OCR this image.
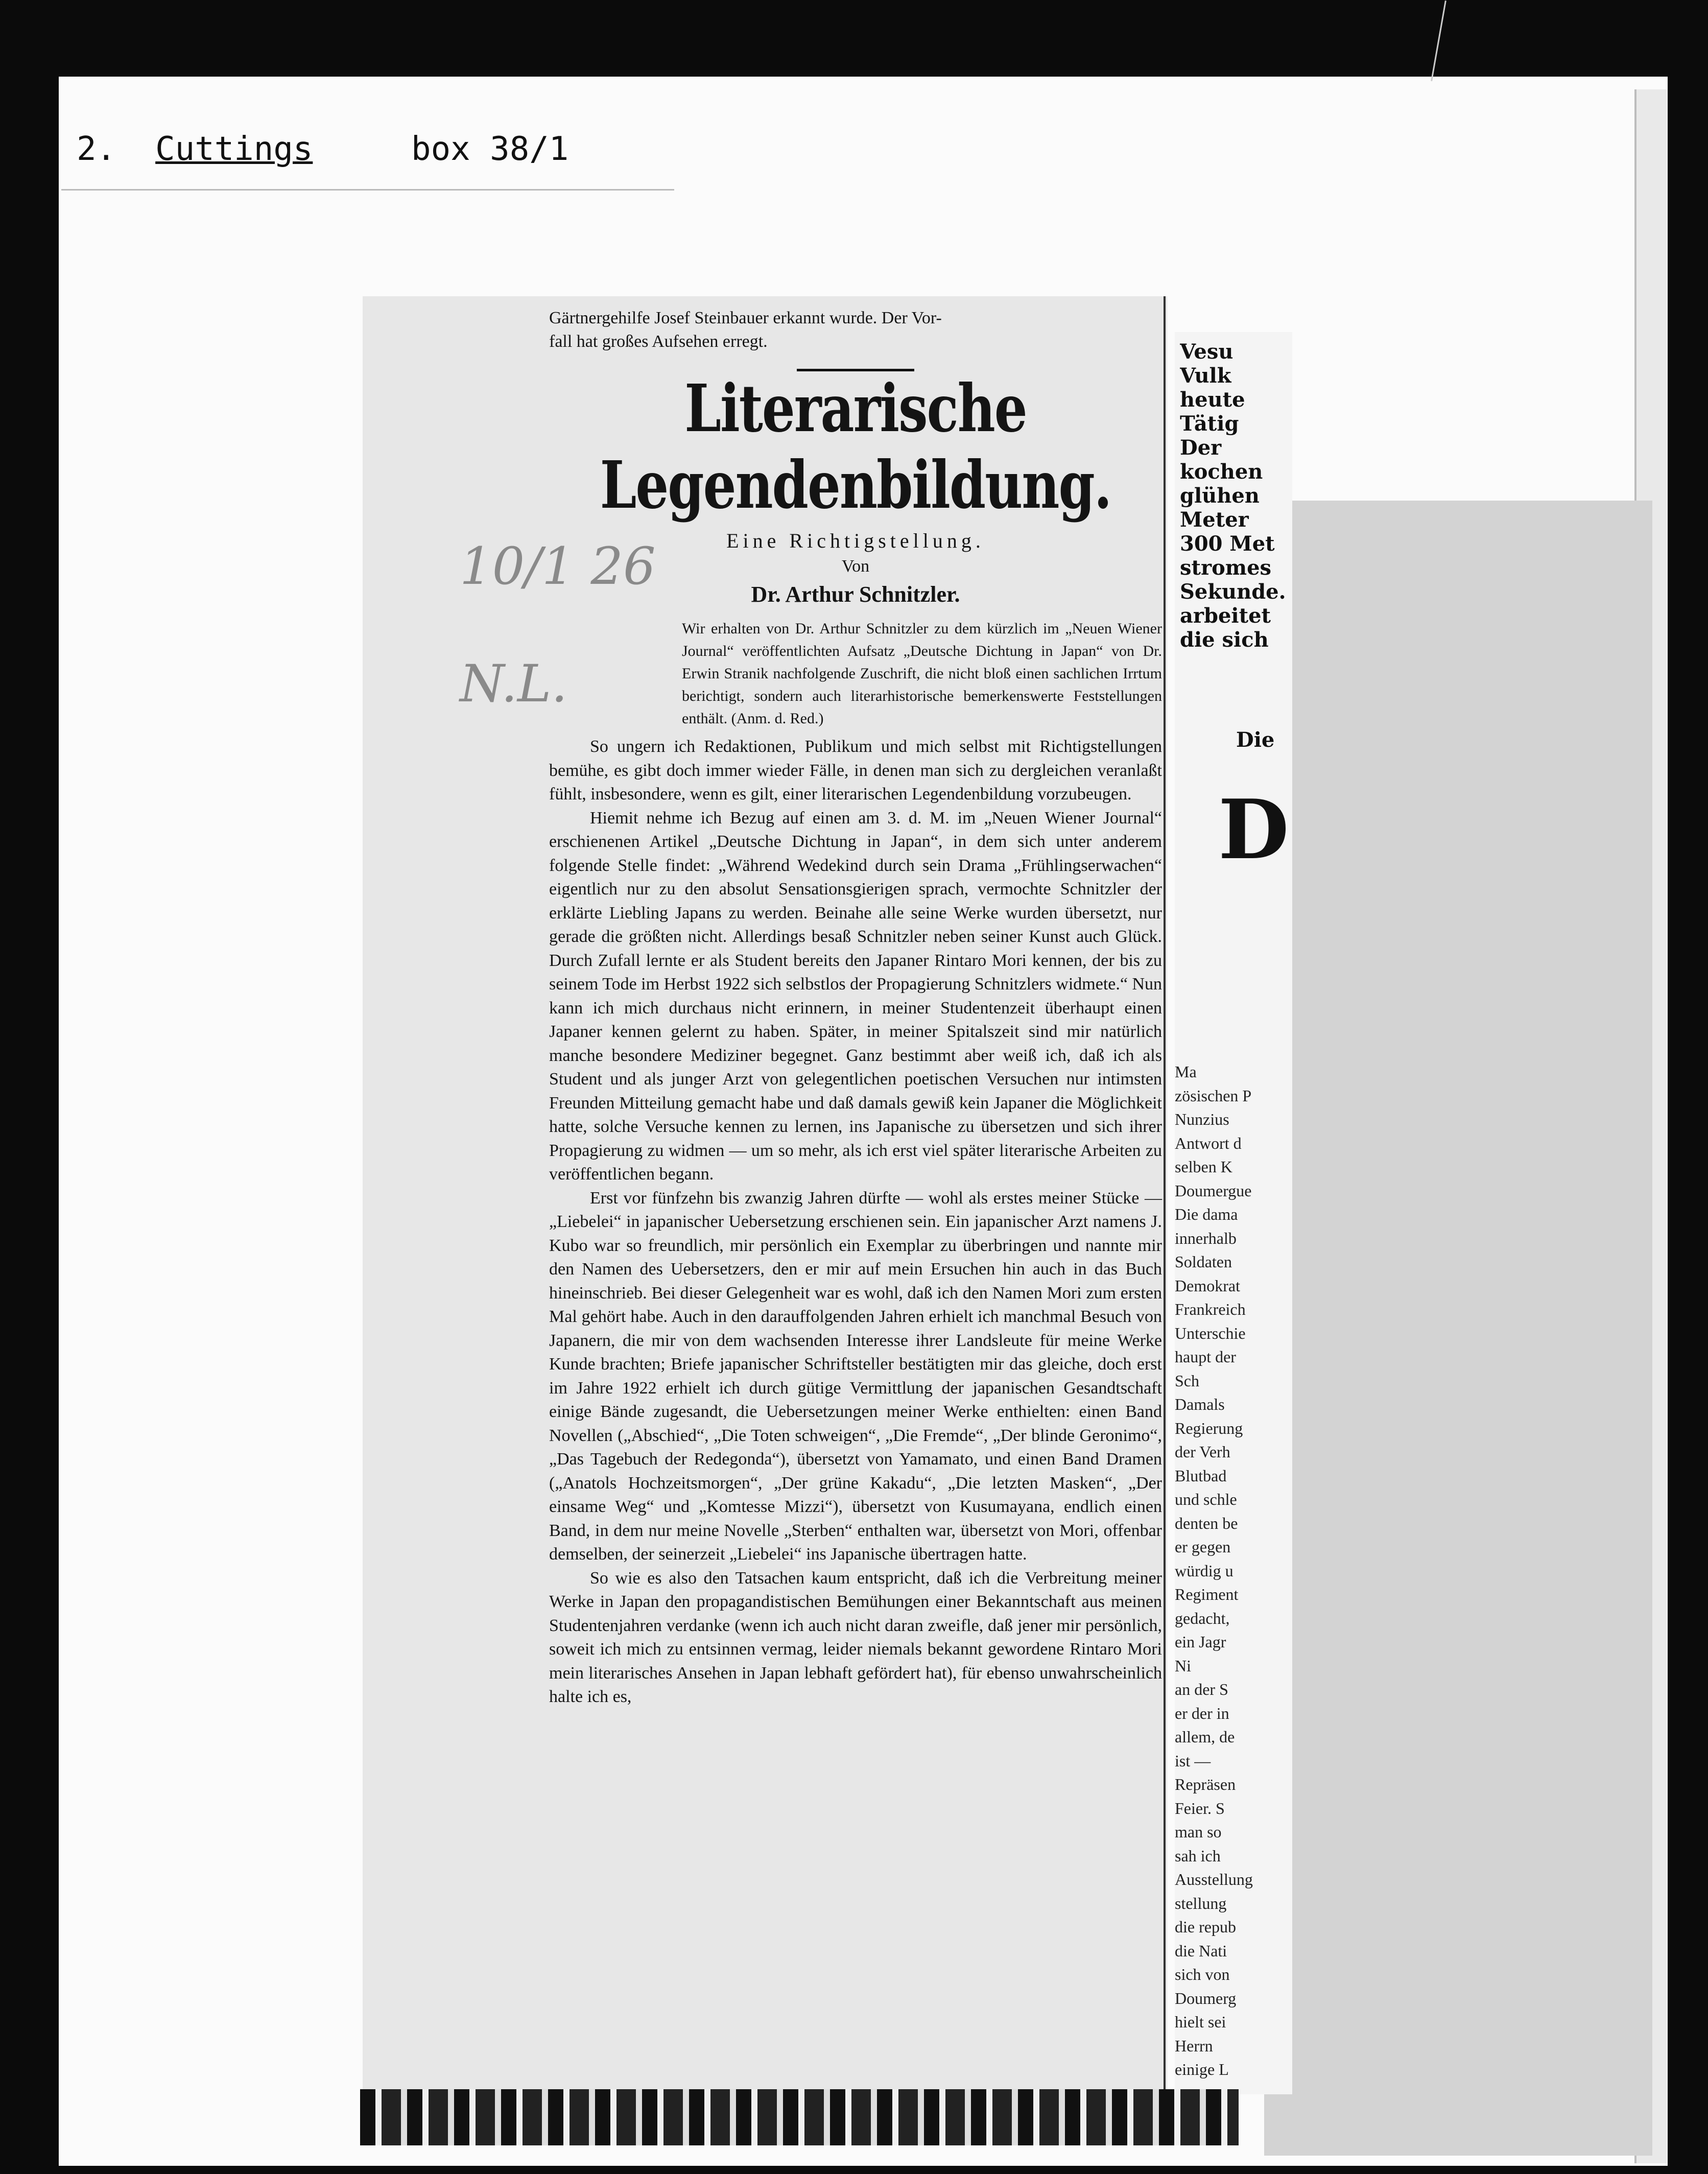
2. Cuttings	box 38/1

Gärtnergehilfe Josef Steinbauer erkannt wurde. Der Vor-

fall hat großes Aufsehen erregt.

Literarische Legendenbildung.
Eine Richtigstellung.
Von
Dr. Arthur Schnitzler.
Wir erhalten von Dr. Arthur Schnitzler zu dem kürzlich im „Neuen Wiener Journal“ veröffentlichten Aufsatz „Deutsche Dichtung in Japan“ von Dr. Erwin Stranik nachfolgende Zuschrift, die nicht bloß einen sachlichen Irrtum berichtigt, sondern auch literarhistorische bemerkenswerte Feststellungen enthält. (Anm. d. Red.)

So ungern ich Redaktionen, Publikum und mich selbst mit Richtigstellungen bemühe, es gibt doch immer wieder Fälle, in denen man sich zu dergleichen veranlaßt fühlt, insbesondere, wenn es gilt, einer literarischen Legendenbildung vorzubeugen.

Hiemit nehme ich Bezug auf einen am 3. d. M. im „Neuen Wiener Journal“ erschienenen Artikel „Deutsche Dichtung in Japan“, in dem sich unter anderem folgende Stelle findet: „Während Wedekind durch sein Drama „Frühlingserwachen“ eigentlich nur zu den absolut Sensationsgierigen sprach, vermochte Schnitzler der erklärte Liebling Japans zu werden. Beinahe alle seine Werke wurden übersetzt, nur gerade die größten nicht. Allerdings besaß Schnitzler neben seiner Kunst auch Glück. Durch Zufall lernte er als Student bereits den Japaner Rintaro Mori kennen, der bis zu seinem Tode im Herbst 1922 sich selbstlos der Propagierung Schnitzlers widmete.“ Nun kann ich mich durchaus nicht erinnern, in meiner Studentenzeit überhaupt einen Japaner kennen gelernt zu haben. Später, in meiner Spitalszeit sind mir natürlich manche besondere Mediziner begegnet. Ganz bestimmt aber weiß ich, daß ich als Student und als junger Arzt von gelegentlichen poetischen Versuchen nur intimsten Freunden Mitteilung gemacht habe und daß damals gewiß kein Japaner die Möglichkeit hatte, solche Versuche kennen zu lernen, ins Japanische zu übersetzen und sich ihrer Propagierung zu widmen — um so mehr, als ich erst viel später literarische Arbeiten zu veröffentlichen begann.

Erst vor fünfzehn bis zwanzig Jahren dürfte — wohl als erstes meiner Stücke — „Liebelei“ in japanischer Uebersetzung erschienen sein. Ein japanischer Arzt namens J. Kubo war so freundlich, mir persönlich ein Exemplar zu überbringen und nannte mir den Namen des Uebersetzers, den er mir auf mein Ersuchen hin auch in das Buch hineinschrieb. Bei dieser Gelegenheit war es wohl, daß ich den Namen Mori zum ersten Mal gehört habe. Auch in den darauffolgenden Jahren erhielt ich manchmal Besuch von Japanern, die mir von dem wachsenden Interesse ihrer Landsleute für meine Werke Kunde brachten; Briefe japanischer Schriftsteller bestätigten mir das gleiche, doch erst im Jahre 1922 erhielt ich durch gütige Vermittlung der japanischen Gesandtschaft einige Bände zugesandt, die Uebersetzungen meiner Werke enthielten: einen Band Novellen („Abschied“, „Die Toten schweigen“, „Die Fremde“, „Der blinde Geronimo“, „Das Tagebuch der Redegonda“), übersetzt von Yamamato, und einen Band Dramen („Anatols Hochzeitsmorgen“, „Der grüne Kakadu“, „Die letzten Masken“, „Der einsame Weg“ und „Komtesse Mizzi“), übersetzt von Kusumayana, endlich einen Band, in dem nur meine Novelle „Sterben“ enthalten war, übersetzt von Mori, offenbar demselben, der seinerzeit „Liebelei“ ins Japanische übertragen hatte.

So wie es also den Tatsachen kaum entspricht, daß ich die Verbreitung meiner Werke in Japan den propagandistischen Bemühungen einer Bekanntschaft aus meinen Studentenjahren verdanke (wenn ich auch nicht daran zweifle, daß jener mir persönlich, soweit ich mich zu entsinnen vermag, leider niemals bekannt gewordene Rintaro Mori mein literarisches Ansehen in Japan lebhaft gefördert hat), für ebenso unwahrscheinlich halte ich es,

10/1 26
N.L.
Vesu
Vulk
heute
Tätig
Der
kochen
glühen
Meter
300 Met
stromes
Sekunde.
arbeitet
die sich
Die
D
Ma
zösischen P
Nunzius
Antwort d
selben K
Doumergue
Die dama
innerhalb
Soldaten
Demokrat
Frankreich
Unterschie
haupt der
Sch
Damals
Regierung
der Verh
Blutbad
und schle
denten be
er gegen
würdig u
Regiment
gedacht,
ein Jagr
Ni
an der S
er der in
allem, de
ist —
Repräsen
Feier. S
man so
sah ich
Ausstellung
stellung
die repub
die Nati
sich von
Doumerg
hielt sei
Herrn
einige L
